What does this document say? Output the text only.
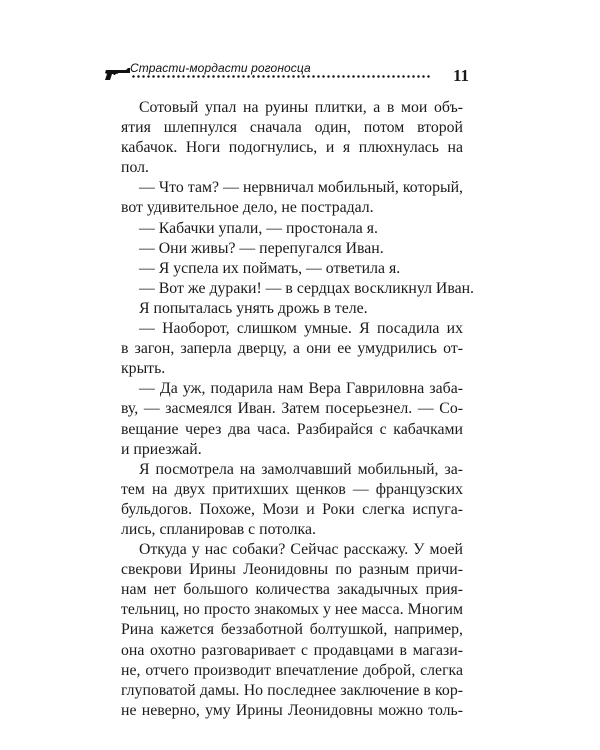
Страсти-мордасти рогоносца	11
Сотовый упал на руины плитки, а в мои объ-
ятия шлепнулся сначала один, потом второй
кабачок. Ноги подогнулись, и я плюхнулась на
пол.
— Что там? — нервничал мобильный, который,
вот удивительное дело, не пострадал.
— Кабачки упали, — простонала я.
— Они живы? — перепугался Иван.
— Я успела их поймать, — ответила я.
— Вот же дураки! — в сердцах воскликнул Иван.
Я попыталась унять дрожь в теле.
— Наоборот, слишком умные. Я посадила их
в загон, заперла дверцу, а они ее умудрились от-
крыть.
— Да уж, подарила нам Вера Гавриловна заба-
ву, — засмеялся Иван. Затем посерьезнел. — Со-
вещание через два часа. Разбирайся с кабачками
и приезжай.
Я посмотрела на замолчавший мобильный, за-
тем на двух притихших щенков — французских
бульдогов. Похоже, Мози и Роки слегка испуга-
лись, спланировав с потолка.
Откуда у нас собаки? Сейчас расскажу. У моей
свекрови Ирины Леонидовны по разным причи-
нам нет большого количества закадычных прия-
тельниц, но просто знакомых у нее масса. Многим
Рина кажется беззаботной болтушкой, например,
она охотно разговаривает с продавцами в магази-
не, отчего производит впечатление доброй, слегка
глуповатой дамы. Но последнее заключение в кор-
не неверно, уму Ирины Леонидовны можно толь-
